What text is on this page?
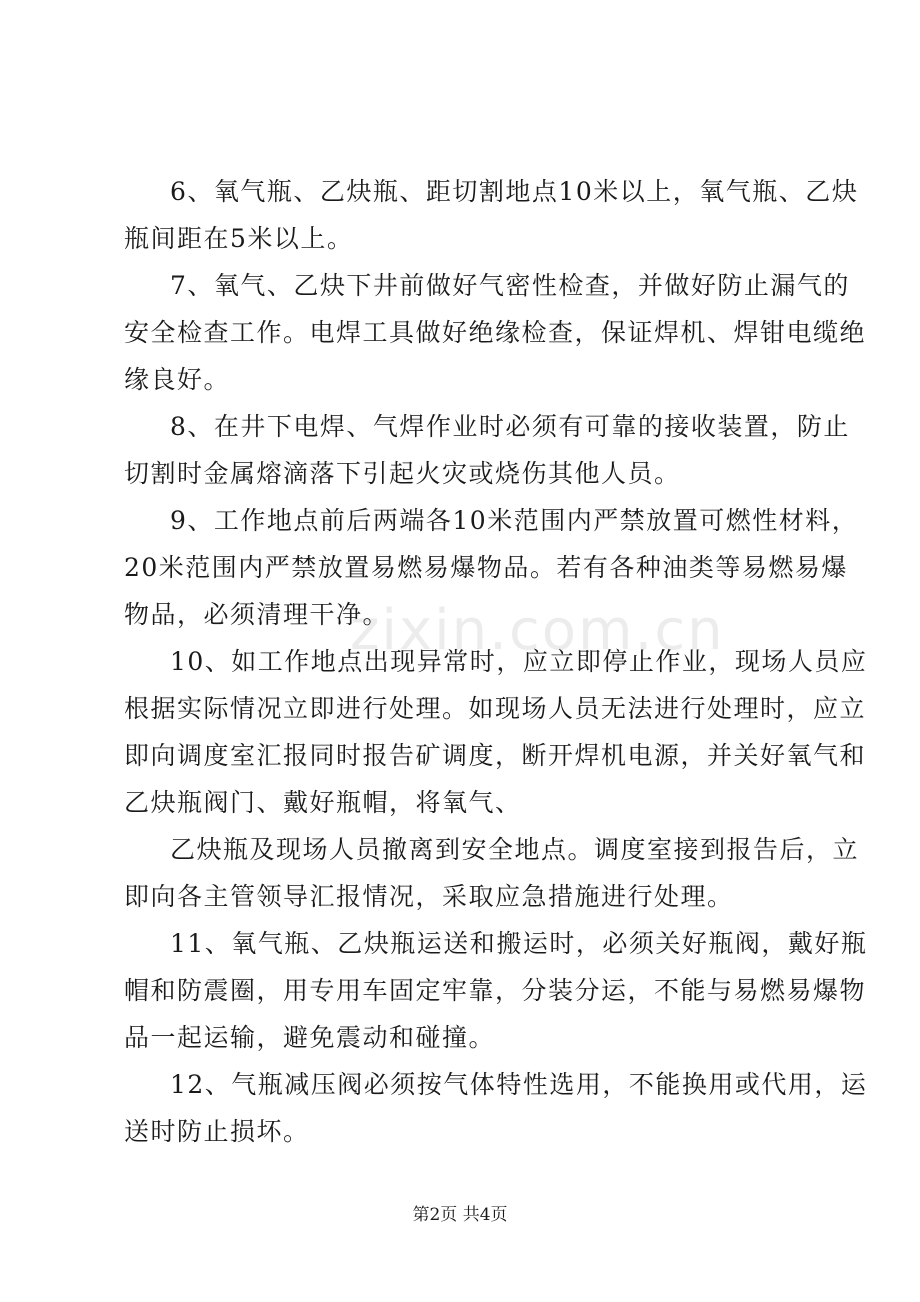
6、氧气瓶、乙炔瓶、距切割地点10米以上，氧气瓶、乙炔
瓶间距在5米以上。

7、氧气、乙炔下井前做好气密性检查，并做好防止漏气的
安全检查工作。电焊工具做好绝缘检查，保证焊机、焊钳电缆绝
缘良好。

8、在井下电焊、气焊作业时必须有可靠的接收装置，防止
切割时金属熔滴落下引起火灾或烧伤其他人员。

9、工作地点前后两端各10米范围内严禁放置可燃性材料，
20米范围内严禁放置易燃易爆物品。若有各种油类等易燃易爆
物品，必须清理干净。

10、如工作地点出现异常时，应立即停止作业，现场人员应
根据实际情况立即进行处理。如现场人员无法进行处理时，应立
即向调度室汇报同时报告矿调度，断开焊机电源，并关好氧气和
乙炔瓶阀门、戴好瓶帽，将氧气、

乙炔瓶及现场人员撤离到安全地点。调度室接到报告后，立
即向各主管领导汇报情况，采取应急措施进行处理。

11、氧气瓶、乙炔瓶运送和搬运时，必须关好瓶阀，戴好瓶
帽和防震圈，用专用车固定牢靠，分装分运，不能与易燃易爆物
品一起运输，避免震动和碰撞。

12、气瓶减压阀必须按气体特性选用，不能换用或代用，运
送时防止损坏。

zixin.com.cn
第2页 共4页
